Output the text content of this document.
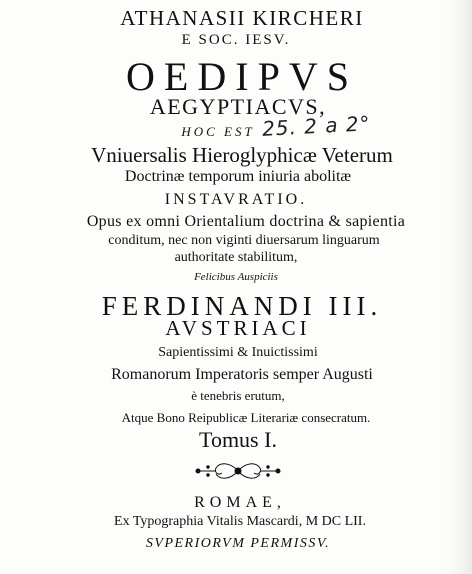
ATHANASII KIRCHERI
E SOC. IESV.
OEDIPVS
AEGYPTIACVS,
HOC EST 25. 2 a 2°
Vniuersalis Hieroglyphicæ Veterum
Doctrinæ temporum iniuria abolitæ
INSTAVRATIO.
Opus ex omni Orientalium doctrina & sapientia
conditum, nec non viginti diuersarum linguarum
authoritate stabilitum,
Felicibus Auspiciis
FERDINANDI III.
AVSTRIACI
Sapientissimi & Inuictissimi
Romanorum Imperatoris semper Augusti
è tenebris erutum,
Atque Bono Reipublicæ Literariæ consecratum.
Tomus I.
ROMAE,
Ex Typographia Vitalis Mascardi, M DC LII.
SVPERIORVM PERMISSV.
